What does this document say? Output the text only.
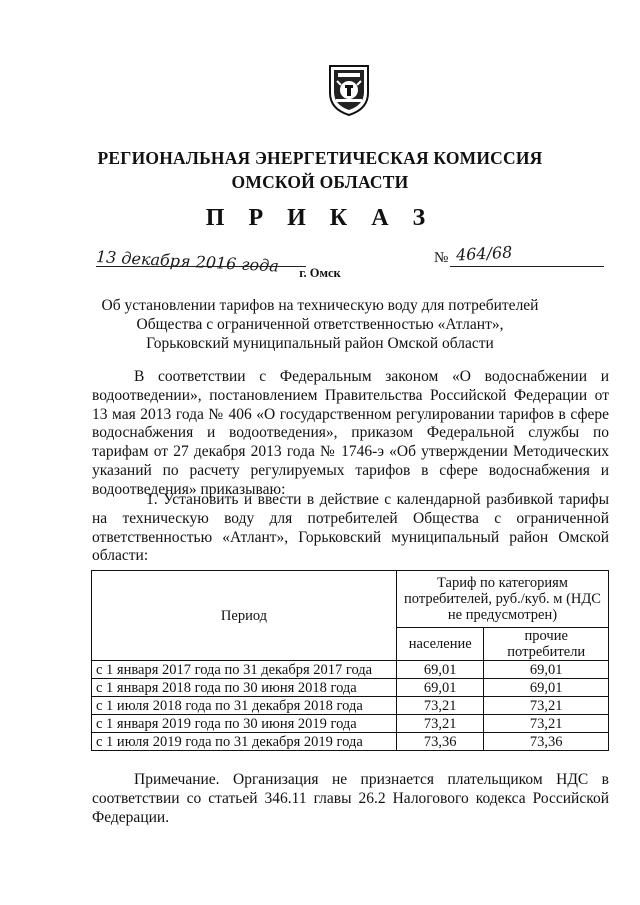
РЕГИОНАЛЬНАЯ ЭНЕРГЕТИЧЕСКАЯ КОМИССИЯ
ОМСКОЙ ОБЛАСТИ
П Р И К А З
13 декабря 2016 года	№ 464/68
г. Омск
Об установлении тарифов на техническую воду для потребителей
Общества с ограниченной ответственностью «Атлант»,
Горьковский муниципальный район Омской области
В соответствии с Федеральным законом «О водоснабжении и водоотведении», постановлением Правительства Российской Федерации от 13 мая 2013 года № 406 «О государственном регулировании тарифов в сфере водоснабжения и водоотведения», приказом Федеральной службы по тарифам от 27 декабря 2013 года № 1746-э «Об утверждении Методических указаний по расчету регулируемых тарифов в сфере водоснабжения и водоотведения» приказываю:
1. Установить и ввести в действие с календарной разбивкой тарифы на техническую воду для потребителей Общества с ограниченной ответственностью «Атлант», Горьковский муниципальный район Омской области:
Период	Тариф по категориям потребителей, руб./куб. м (НДС не предусмотрен)	
	население	прочие потребители
с 1 января 2017 года по 31 декабря 2017 года	69,01	69,01
с 1 января 2018 года по 30 июня 2018 года	69,01	69,01
с 1 июля 2018 года по 31 декабря 2018 года	73,21	73,21
с 1 января 2019 года по 30 июня 2019 года	73,21	73,21
с 1 июля 2019 года по 31 декабря 2019 года	73,36	73,36
Примечание. Организация не признается плательщиком НДС в соответствии со статьей 346.11 главы 26.2 Налогового кодекса Российской Федерации.
